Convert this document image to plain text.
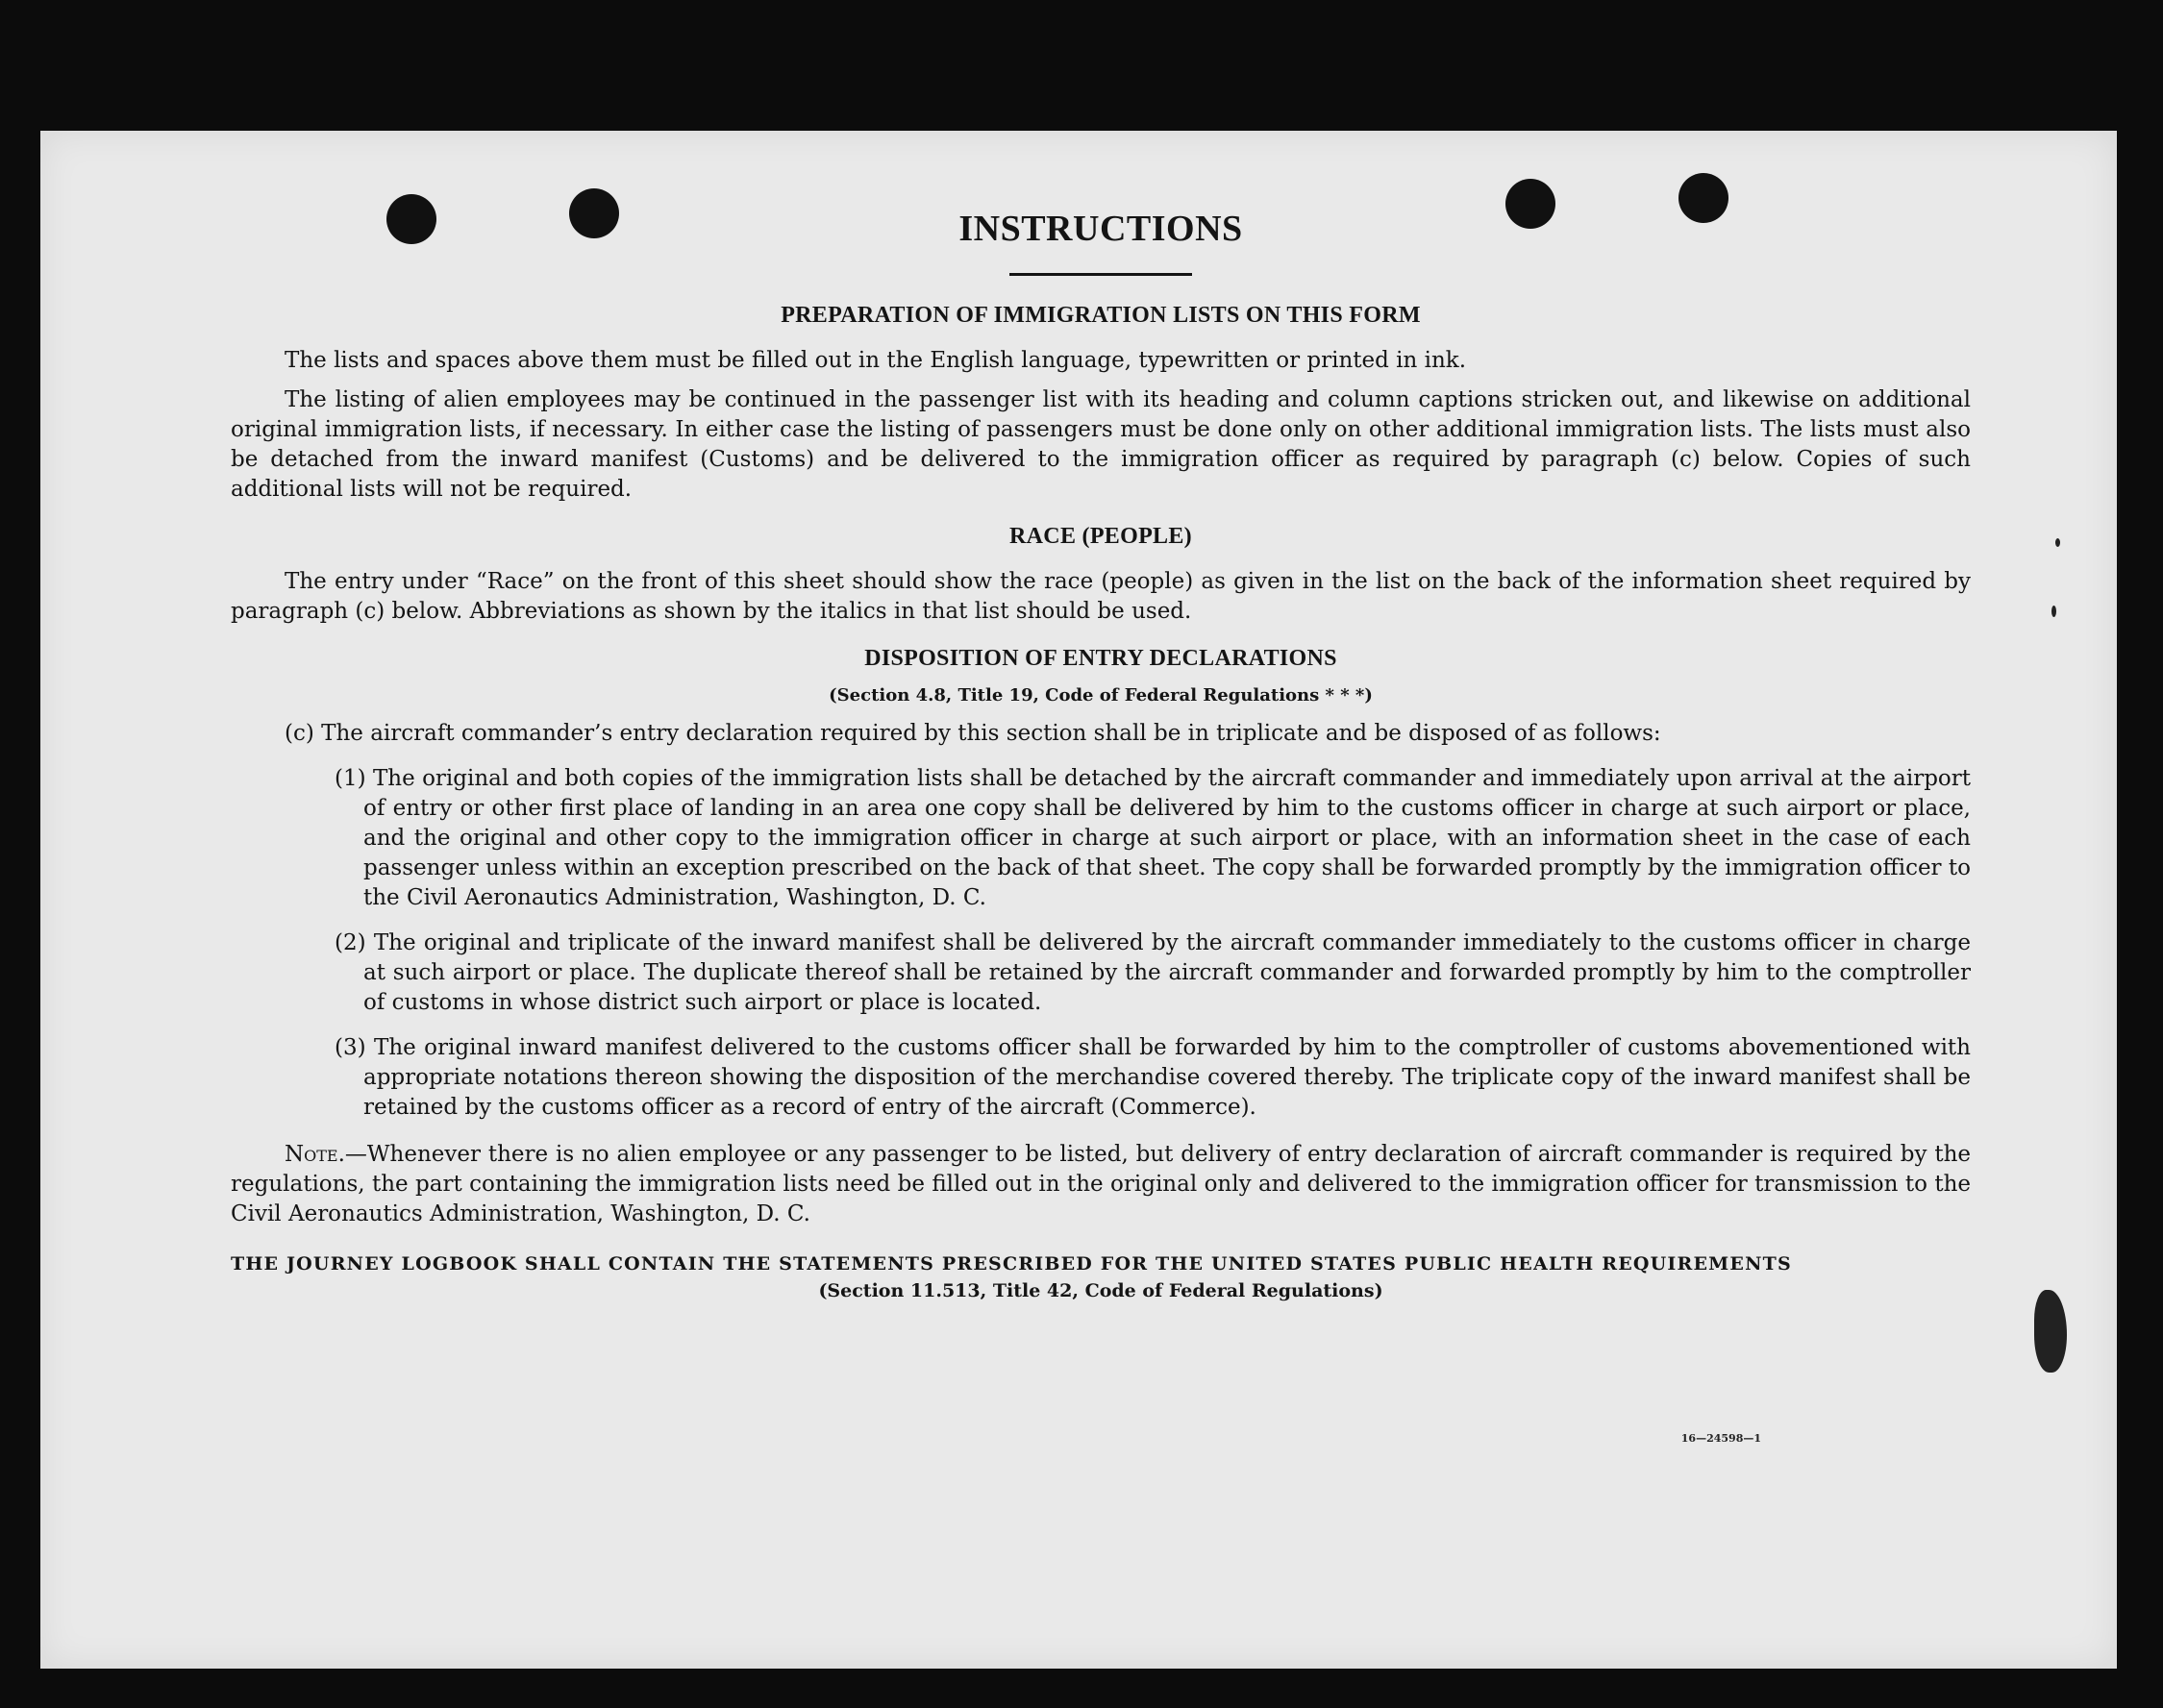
INSTRUCTIONS
PREPARATION OF IMMIGRATION LISTS ON THIS FORM

The lists and spaces above them must be filled out in the English language, typewritten or printed in ink.

The listing of alien employees may be continued in the passenger list with its heading and column captions stricken out, and likewise on additional original immigration lists, if necessary. In either case the listing of passengers must be done only on other additional immigration lists. The lists must also be detached from the inward manifest (Customs) and be delivered to the immigration officer as required by paragraph (c) below. Copies of such additional lists will not be required.

RACE (PEOPLE)

The entry under “Race” on the front of this sheet should show the race (people) as given in the list on the back of the information sheet required by paragraph (c) below. Abbreviations as shown by the italics in that list should be used.

DISPOSITION OF ENTRY DECLARATIONS
(Section 4.8, Title 19, Code of Federal Regulations * * *)

(c) The aircraft commander’s entry declaration required by this section shall be in triplicate and be disposed of as follows:

(1) The original and both copies of the immigration lists shall be detached by the aircraft commander and immediately upon arrival at the airport of entry or other first place of landing in an area one copy shall be delivered by him to the customs officer in charge at such airport or place, and the original and other copy to the immigration officer in charge at such airport or place, with an information sheet in the case of each passenger unless within an exception prescribed on the back of that sheet. The copy shall be forwarded promptly by the immigration officer to the Civil Aeronautics Administration, Washington, D. C.

(2) The original and triplicate of the inward manifest shall be delivered by the aircraft commander immediately to the customs officer in charge at such airport or place. The duplicate thereof shall be retained by the aircraft commander and forwarded promptly by him to the comptroller of customs in whose district such airport or place is located.

(3) The original inward manifest delivered to the customs officer shall be forwarded by him to the comptroller of customs abovementioned with appropriate notations thereon showing the disposition of the merchandise covered thereby. The triplicate copy of the inward manifest shall be retained by the customs officer as a record of entry of the aircraft (Commerce).

Note.—Whenever there is no alien employee or any passenger to be listed, but delivery of entry declaration of aircraft commander is required by the regulations, the part containing the immigration lists need be filled out in the original only and delivered to the immigration officer for transmission to the Civil Aeronautics Administration, Washington, D. C.

THE JOURNEY LOGBOOK SHALL CONTAIN THE STATEMENTS PRESCRIBED FOR THE UNITED STATES PUBLIC HEALTH REQUIREMENTS

(Section 11.513, Title 42, Code of Federal Regulations)
16—24598—1
